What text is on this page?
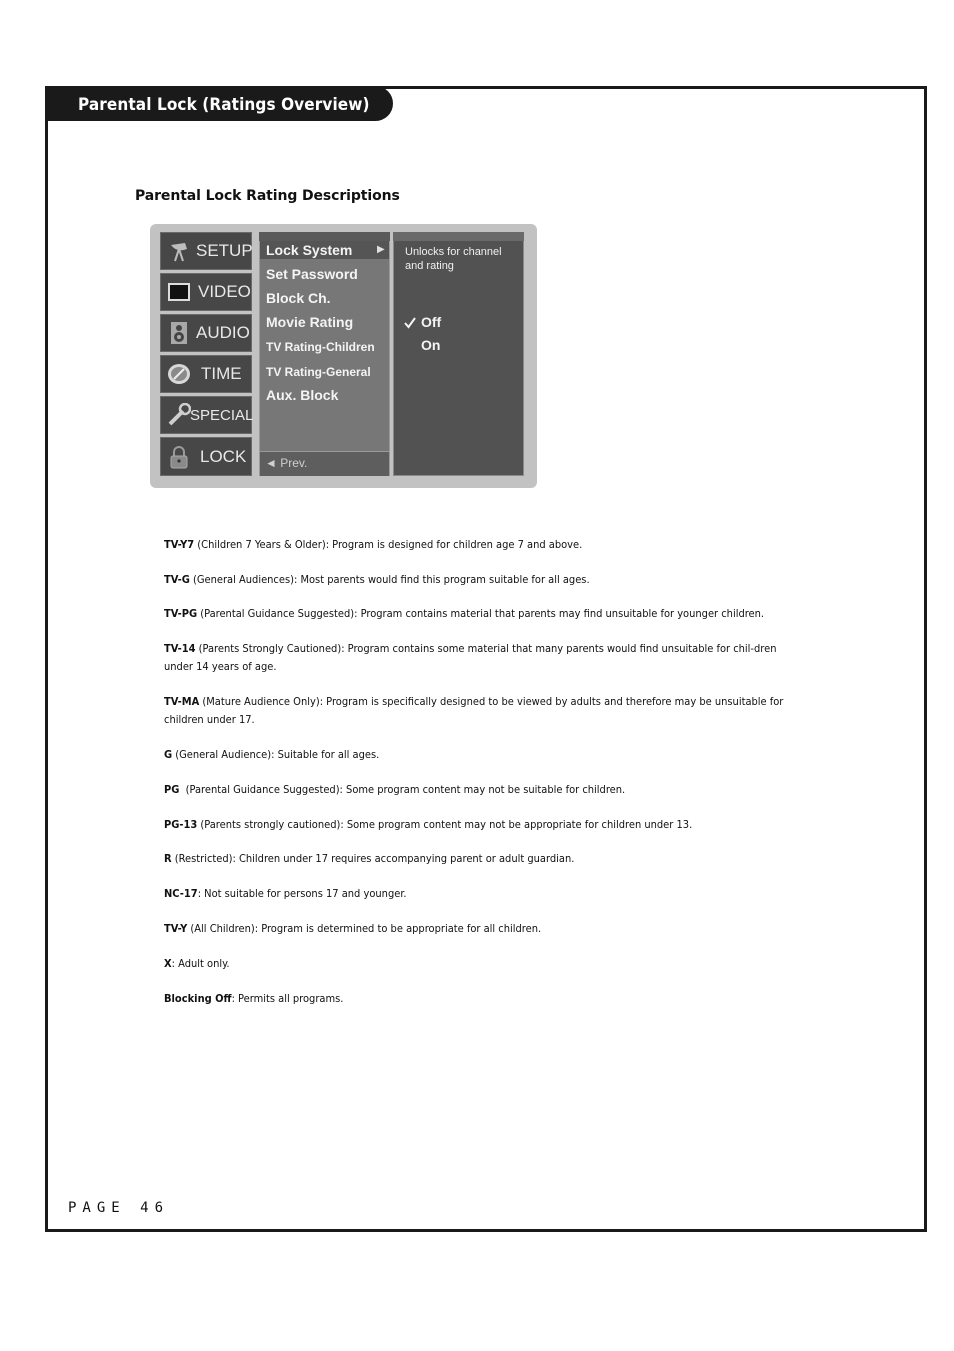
Parental Lock (Ratings Overview)
Parental Lock Rating Descriptions
SETUP
VIDEO
AUDIO
TIME
SPECIAL
LOCK
Lock System ▶
Set Password
Block Ch.
Movie Rating
TV Rating-Children
TV Rating-General
Aux. Block
◄ Prev.
Unlocks for channel and rating
Off
On
TV-Y7 (Children 7 Years & Older): Program is designed for children age 7 and above.
TV-G (General Audiences): Most parents would find this program suitable for all ages.
TV-PG (Parental Guidance Suggested): Program contains material that parents may find unsuitable for younger children.
TV-14 (Parents Strongly Cautioned): Program contains some material that many parents would find unsuitable for chil-dren under 14 years of age.
TV-MA (Mature Audience Only): Program is specifically designed to be viewed by adults and therefore may be unsuitable for children under 17.
G (General Audience): Suitable for all ages.
PG  (Parental Guidance Suggested): Some program content may not be suitable for children.
PG-13 (Parents strongly cautioned): Some program content may not be appropriate for children under 13.
R (Restricted): Children under 17 requires accompanying parent or adult guardian.
NC-17: Not suitable for persons 17 and younger.
TV-Y (All Children): Program is determined to be appropriate for all children.
X: Adult only.
Blocking Off: Permits all programs.
PAGE 46
